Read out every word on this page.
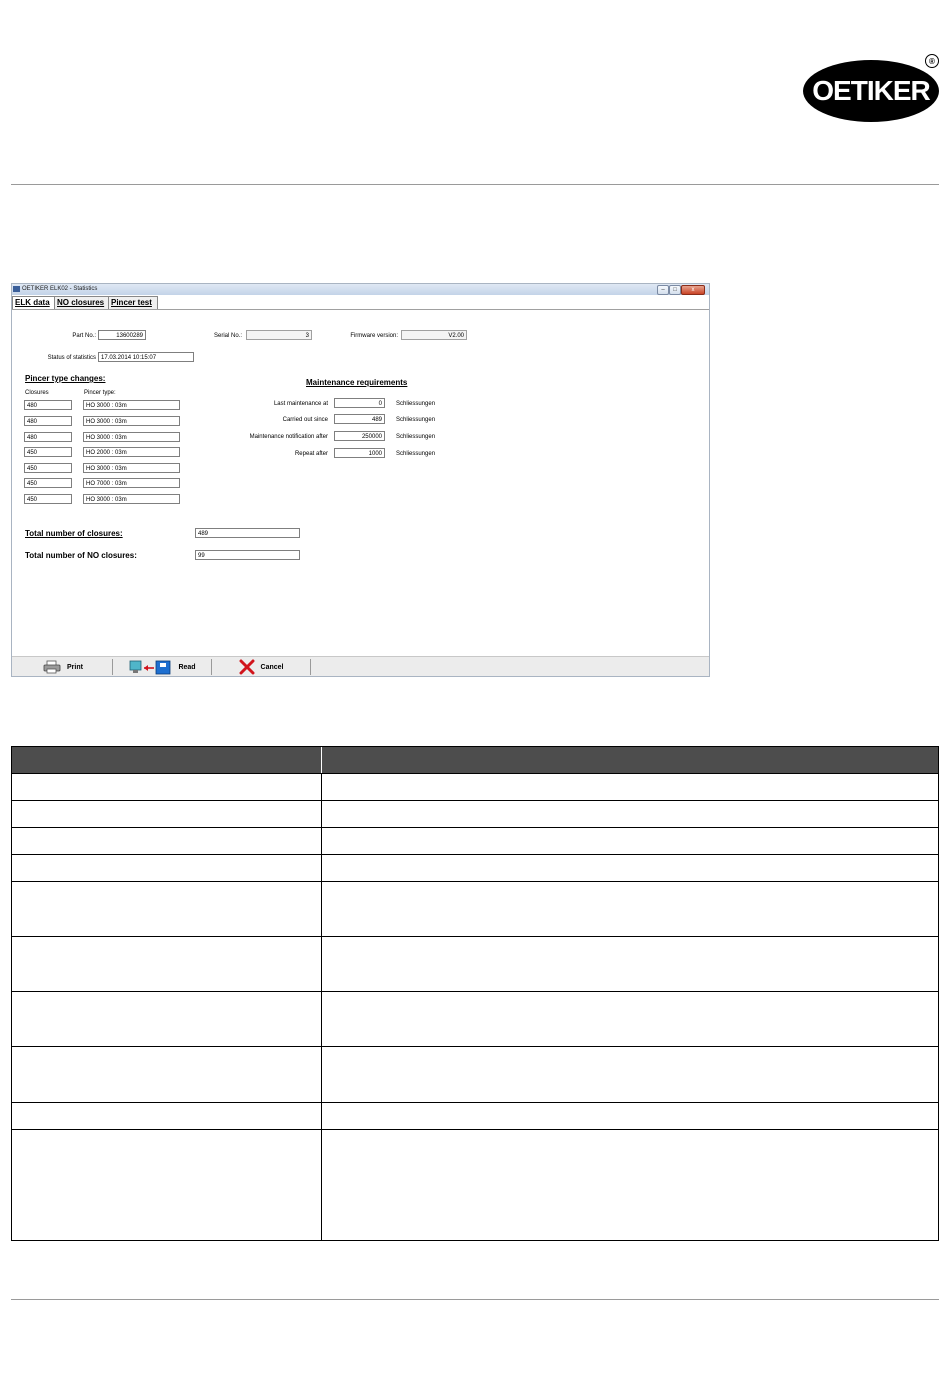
OETIKER
®
OETIKER ELK02 - Statistics	–	□	x
ELK data NO closures Pincer test
Part No.:	13600289	Serial No.:	3	Firmware version:	V2.00
Status of statistics 17.03.2014 10:15:07
Pincer type changes:
Closures	Pincer type:
480	HO 3000 : 03m
480	HO 3000 : 03m
480	HO 3000 : 03m
450	HO 2000 : 03m
450	HO 3000 : 03m
450	HO 7000 : 03m
450	HO 3000 : 03m
Maintenance requirements
Last maintenance at	0	Schliessungen
Carried out since	489	Schliessungen
Maintenance notification after	250000	Schliessungen
Repeat after	1000	Schliessungen
Total number of closures:	489
Total number of NO closures:	99
Print	Read	Cancel
